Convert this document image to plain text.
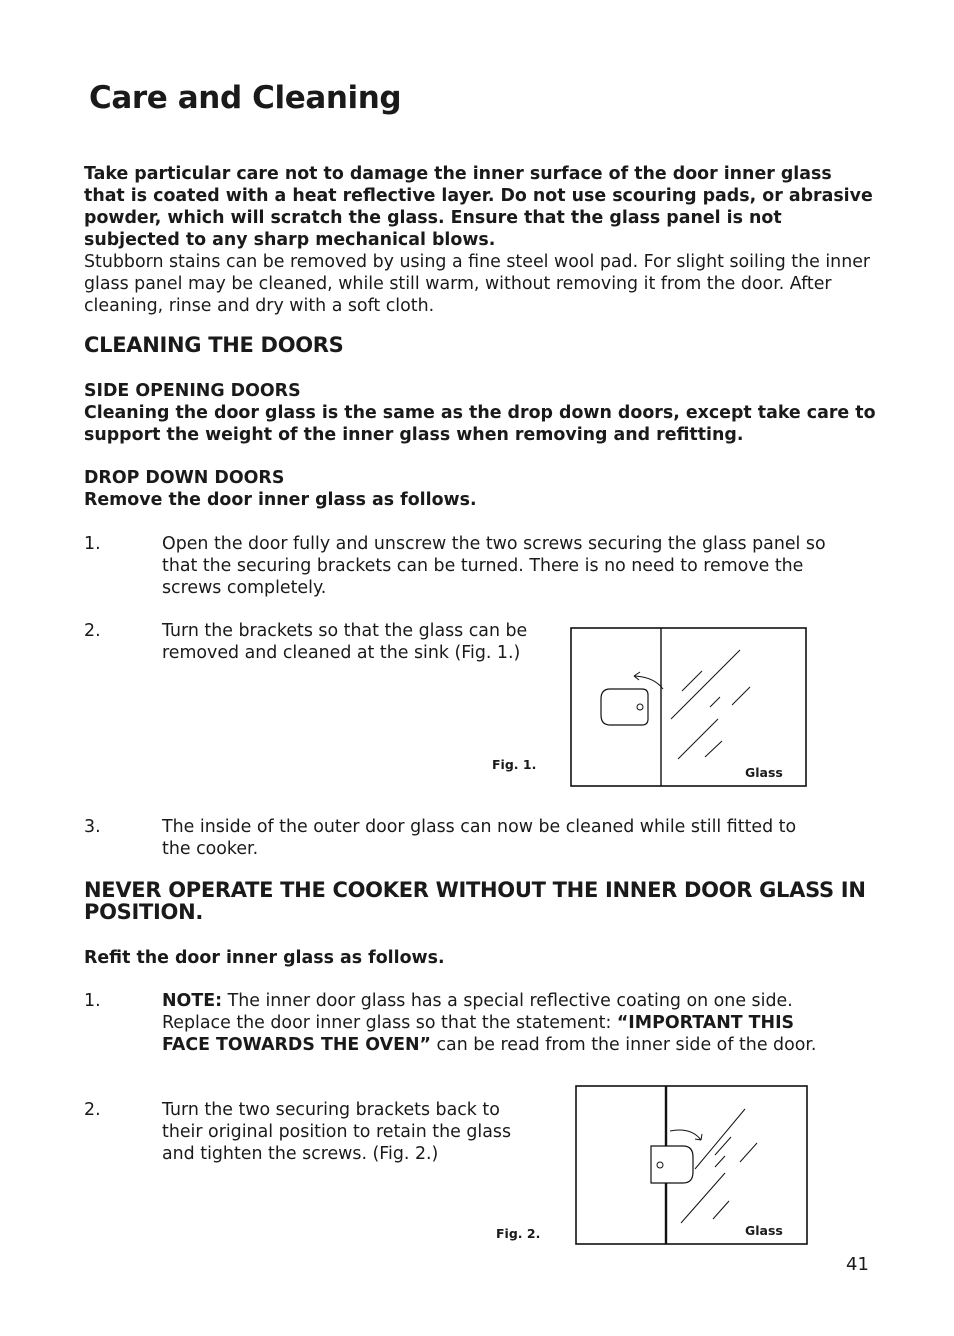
Care and Cleaning
Take particular care not to damage the inner surface of the door inner glass that is coated with a heat reflective layer. Do not use scouring pads, or abrasive powder, which will scratch the glass. Ensure that the glass panel is not subjected to any sharp mechanical blows.
Stubborn stains can be removed by using a fine steel wool pad. For slight soiling the inner glass panel may be cleaned, while still warm, without removing it from the door. After cleaning, rinse and dry with a soft cloth.
CLEANING THE DOORS
SIDE OPENING DOORS
Cleaning the door glass is the same as the drop down doors, except take care to support the weight of the inner glass when removing and refitting.
DROP DOWN DOORS
Remove the door inner glass as follows.
1.	Open the door fully and unscrew the two screws securing the glass panel so that the securing brackets can be turned. There is no need to remove the screws completely.
2.	Turn the brackets so that the glass can be removed and cleaned at the sink (Fig. 1.)
Fig. 1.
Glass
3.	The inside of the outer door glass can now be cleaned while still fitted to the cooker.
NEVER OPERATE THE COOKER WITHOUT THE INNER DOOR GLASS IN POSITION.
Refit the door inner glass as follows.
1.	NOTE: The inner door glass has a special reflective coating on one side. Replace the door inner glass so that the statement: “IMPORTANT THIS FACE TOWARDS THE OVEN” can be read from the inner side of the door.
2.	Turn the two securing brackets back to their original position to retain the glass and tighten the screws. (Fig. 2.)
Fig. 2.	Glass
41
